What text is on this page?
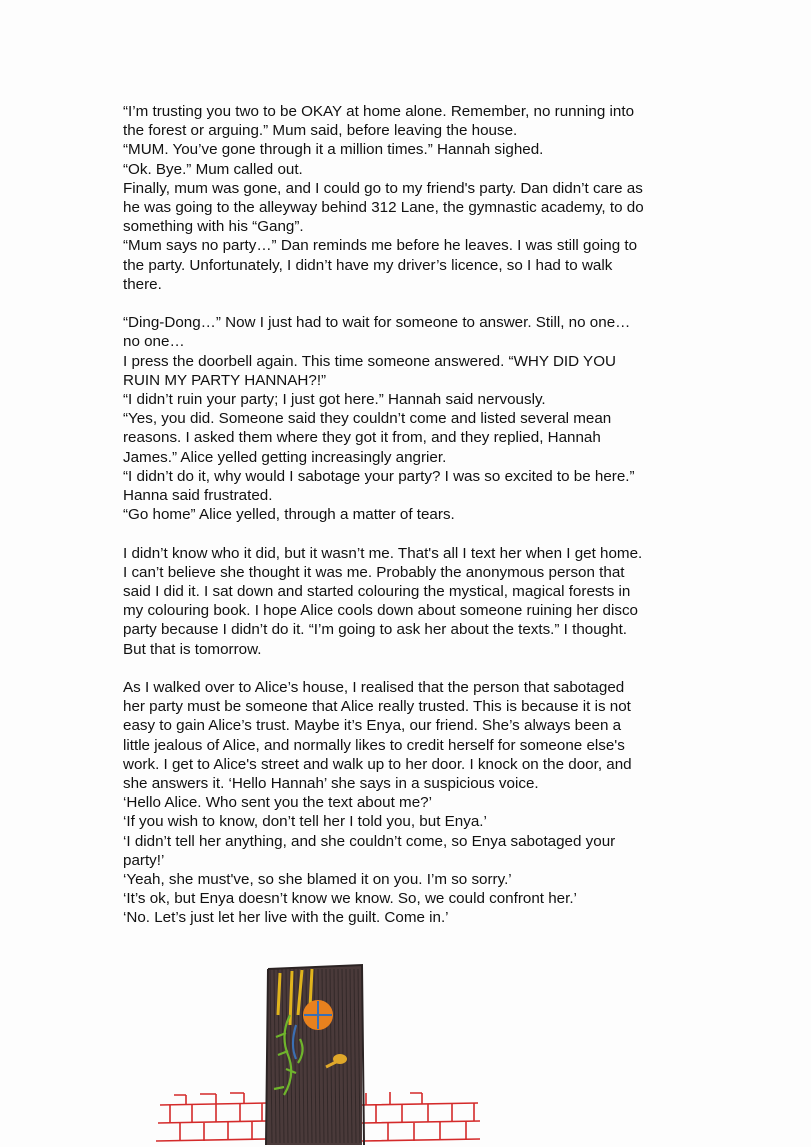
“I’m trusting you two to be OKAY at home alone. Remember, no running into
the forest or arguing.” Mum said, before leaving the house.
“MUM. You’ve gone through it a million times.” Hannah sighed.
“Ok. Bye.” Mum called out.
Finally, mum was gone, and I could go to my friend's party. Dan didn’t care as
he was going to the alleyway behind 312 Lane, the gymnastic academy, to do
something with his “Gang”.
“Mum says no party…” Dan reminds me before he leaves. I was still going to
the party. Unfortunately, I didn’t have my driver’s licence, so I had to walk
there.
“Ding-Dong…” Now I just had to wait for someone to answer. Still, no one…
no one…
I press the doorbell again. This time someone answered. “WHY DID YOU
RUIN MY PARTY HANNAH?!”
“I didn’t ruin your party; I just got here.” Hannah said nervously.
“Yes, you did. Someone said they couldn’t come and listed several mean
reasons. I asked them where they got it from, and they replied, Hannah
James.” Alice yelled getting increasingly angrier.
“I didn’t do it, why would I sabotage your party? I was so excited to be here.”
Hanna said frustrated.
“Go home” Alice yelled, through a matter of tears.
I didn’t know who it did, but it wasn’t me. That's all I text her when I get home.
I can’t believe she thought it was me. Probably the anonymous person that
said I did it. I sat down and started colouring the mystical, magical forests in
my colouring book. I hope Alice cools down about someone ruining her disco
party because I didn’t do it. “I’m going to ask her about the texts.” I thought.
But that is tomorrow.
As I walked over to Alice’s house, I realised that the person that sabotaged
her party must be someone that Alice really trusted. This is because it is not
easy to gain Alice’s trust. Maybe it’s Enya, our friend. She’s always been a
little jealous of Alice, and normally likes to credit herself for someone else's
work. I get to Alice's street and walk up to her door. I knock on the door, and
she answers it. ‘Hello Hannah’ she says in a suspicious voice.
‘Hello Alice. Who sent you the text about me?’
‘If you wish to know, don’t tell her I told you, but Enya.’
‘I didn’t tell her anything, and she couldn’t come, so Enya sabotaged your
party!’
‘Yeah, she must've, so she blamed it on you. I’m so sorry.’
‘It’s ok, but Enya doesn’t know we know. So, we could confront her.’
‘No. Let’s just let her live with the guilt. Come in.’
